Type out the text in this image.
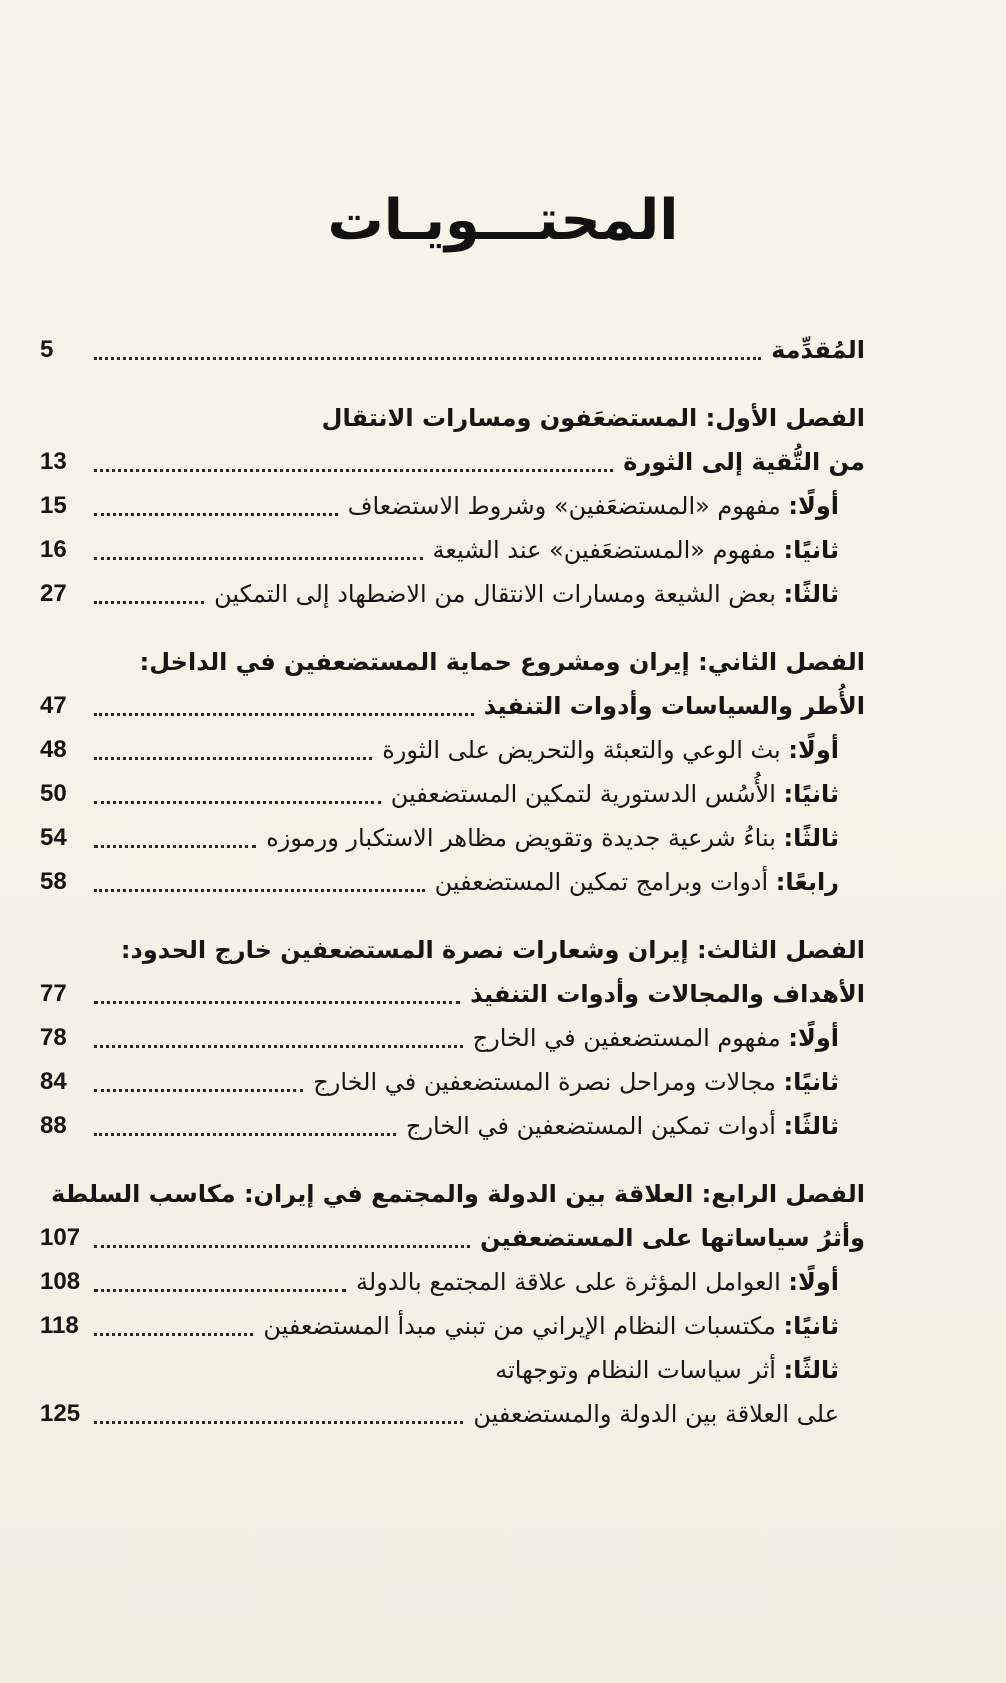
المحتـــويـات
المُقدِّمة
5
الفصل الأول: المستضعَفون ومسارات الانتقال
من التُّقية إلى الثورة
13
أولًا: مفهوم «المستضعَفين» وشروط الاستضعاف
15
ثانيًا: مفهوم «المستضعَفين» عند الشيعة
16
ثالثًا: بعض الشيعة ومسارات الانتقال من الاضطهاد إلى التمكين
27
الفصل الثاني: إيران ومشروع حماية المستضعفين في الداخل:
الأُطر والسياسات وأدوات التنفيذ
47
أولًا: بث الوعي والتعبئة والتحريض على الثورة
48
ثانيًا: الأُسُس الدستورية لتمكين المستضعفين
50
ثالثًا: بناءُ شرعية جديدة وتقويض مظاهر الاستكبار ورموزه
54
رابعًا: أدوات وبرامج تمكين المستضعفين
58
الفصل الثالث: إيران وشعارات نصرة المستضعفين خارج الحدود:
الأهداف والمجالات وأدوات التنفيذ
77
أولًا: مفهوم المستضعفين في الخارج
78
ثانيًا: مجالات ومراحل نصرة المستضعفين في الخارج
84
ثالثًا: أدوات تمكين المستضعفين في الخارج
88
الفصل الرابع: العلاقة بين الدولة والمجتمع في إيران: مكاسب السلطة
وأثرُ سياساتها على المستضعفين
107
أولًا: العوامل المؤثرة على علاقة المجتمع بالدولة
108
ثانيًا: مكتسبات النظام الإيراني من تبني مبدأ المستضعفين
118
ثالثًا: أثر سياسات النظام وتوجهاته
على العلاقة بين الدولة والمستضعفين
125
